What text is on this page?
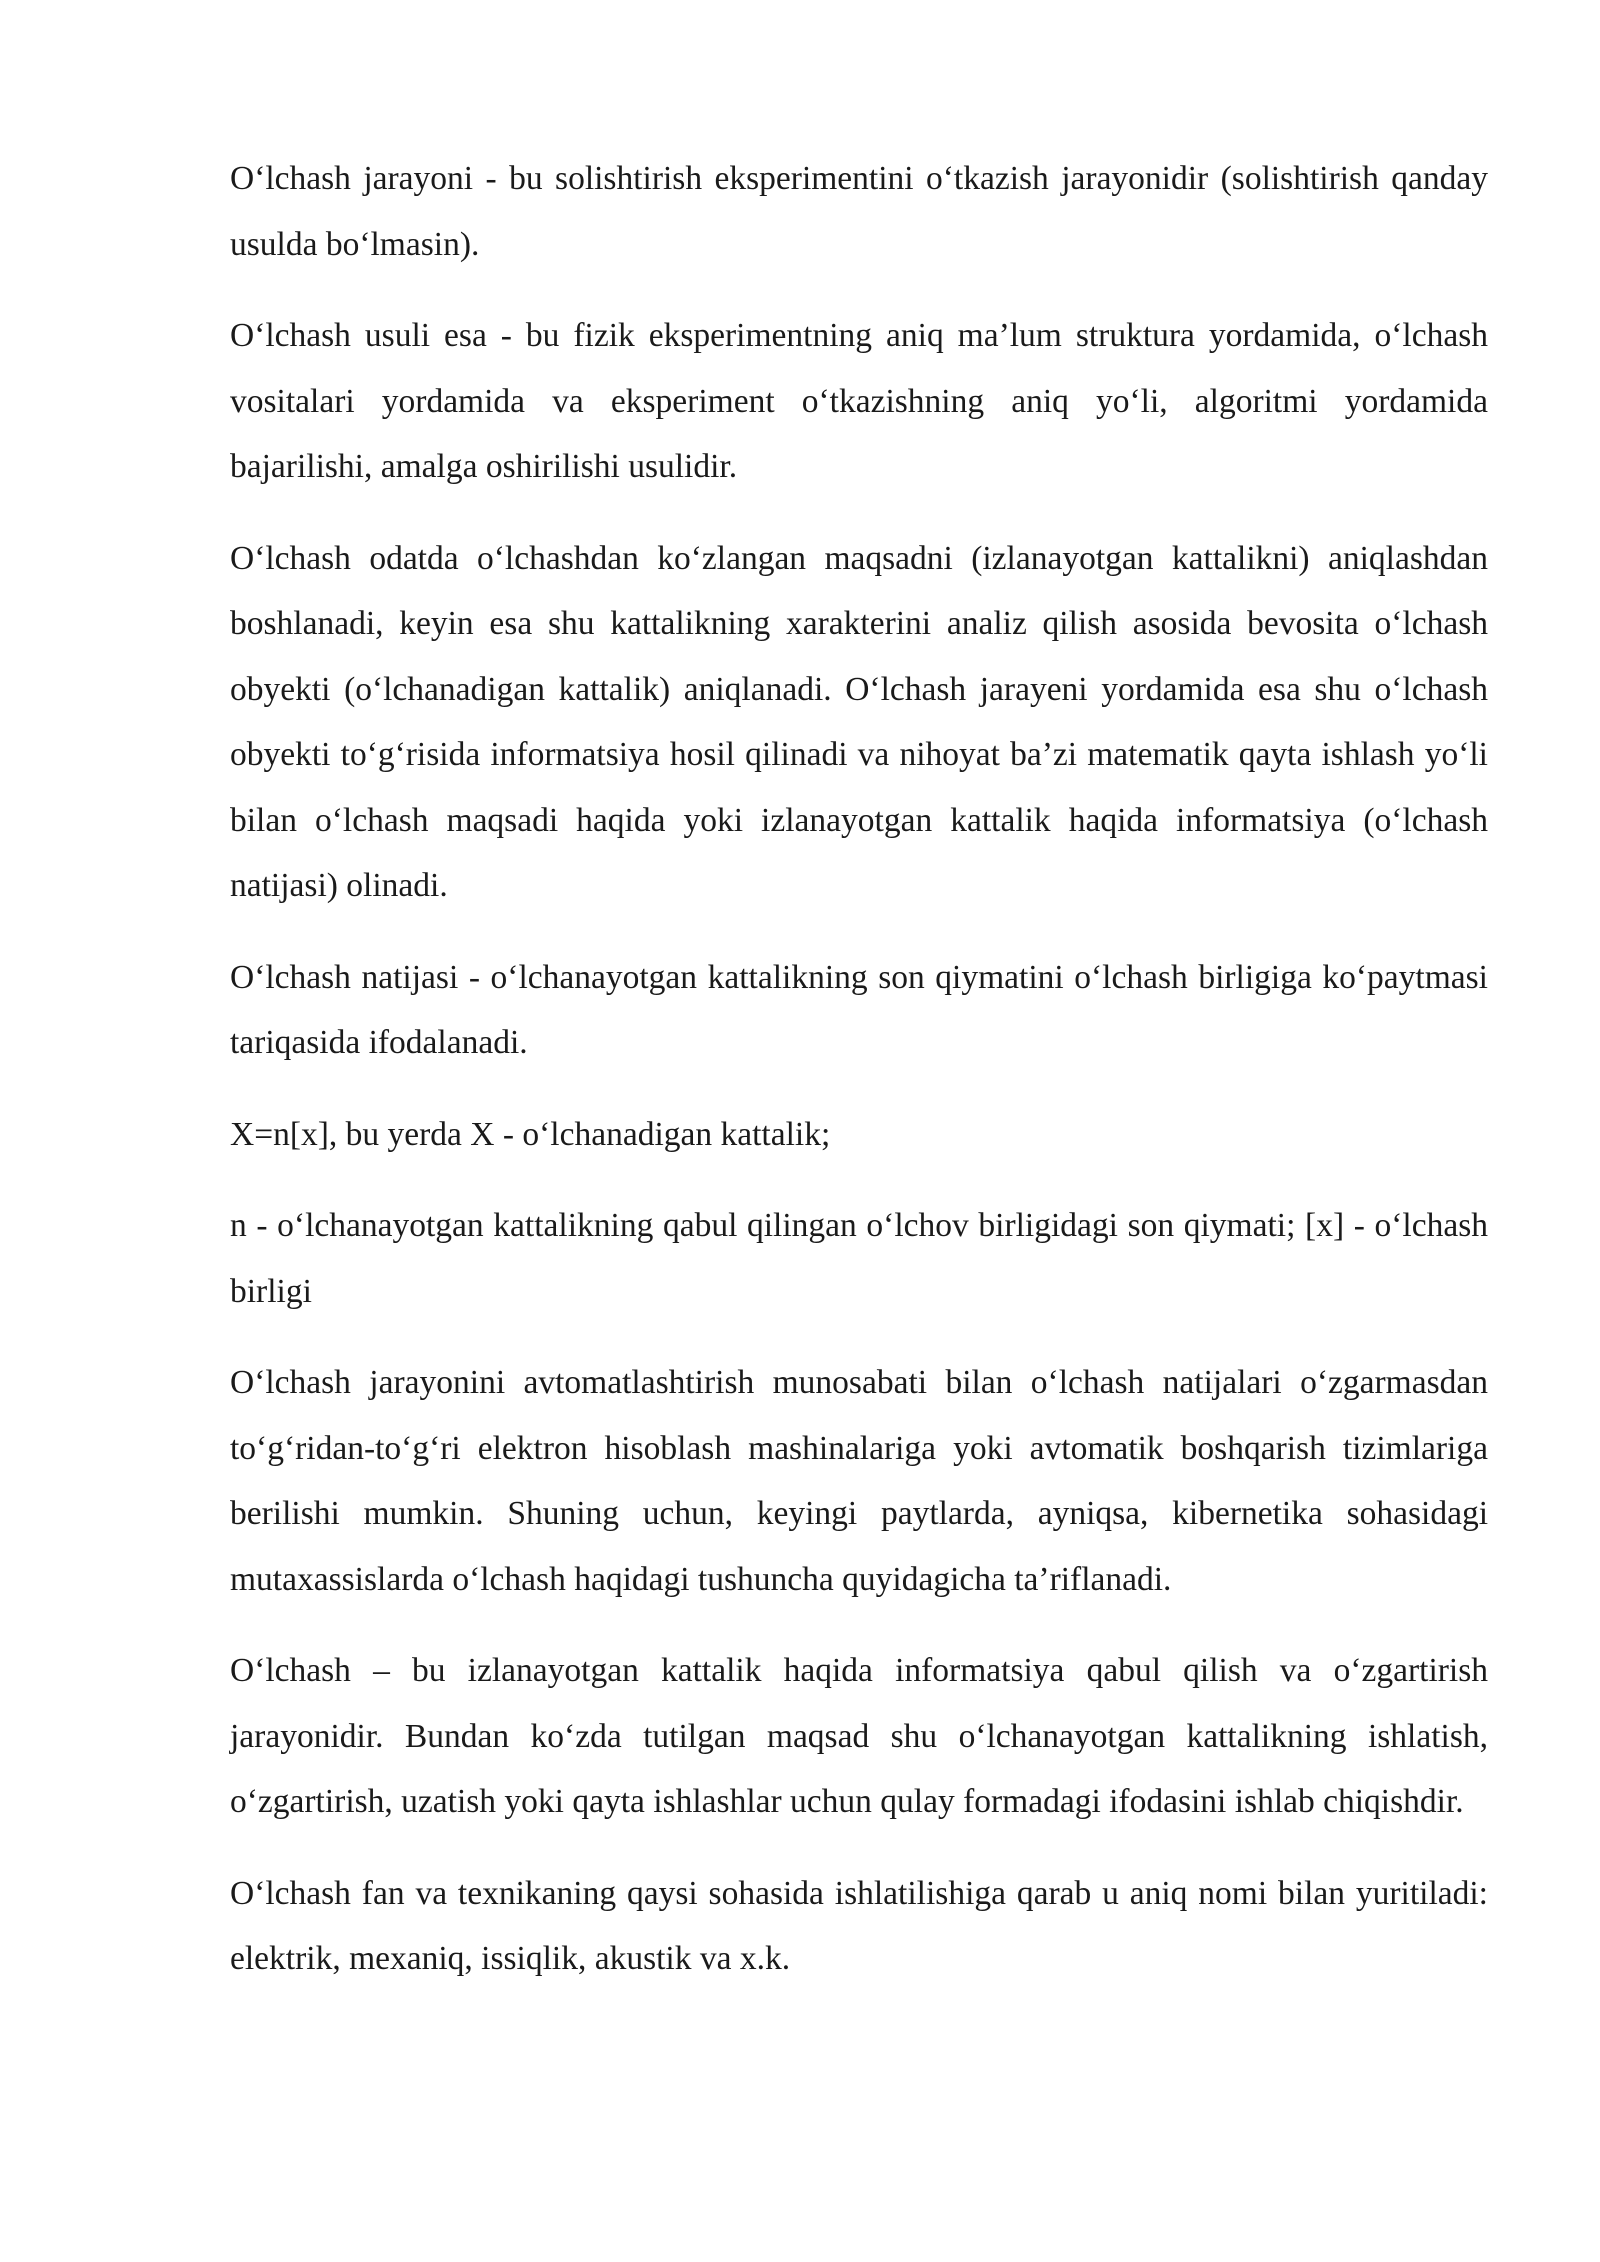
O‘lchash jarayoni - bu solishtirish eksperimentini o‘tkazish jarayonidir (solishtirish qanday usulda bo‘lmasin).

O‘lchash usuli esa - bu fizik eksperimentning aniq ma’lum struktura yordamida, o‘lchash vositalari yordamida va eksperiment o‘tkazishning aniq yo‘li, algoritmi yordamida bajarilishi, amalga oshirilishi usulidir.

O‘lchash odatda o‘lchashdan ko‘zlangan maqsadni (izlanayotgan kattalikni) aniqlashdan boshlanadi, keyin esa shu kattalikning xarakterini analiz qilish asosida bevosita o‘lchash obyekti (o‘lchanadigan kattalik) aniqlanadi. O‘lchash jarayeni yordamida esa shu o‘lchash obyekti to‘g‘risida informatsiya hosil qilinadi va nihoyat ba’zi matematik qayta ishlash yo‘li bilan o‘lchash maqsadi haqida yoki izlanayotgan kattalik haqida informatsiya (o‘lchash natijasi) olinadi.

O‘lchash natijasi - o‘lchanayotgan kattalikning son qiymatini o‘lchash birligiga ko‘paytmasi tariqasida ifodalanadi.

X=n[x], bu yerda X - o‘lchanadigan kattalik;

n - o‘lchanayotgan kattalikning qabul qilingan o‘lchov birligidagi son qiymati; [x] - o‘lchash birligi

O‘lchash jarayonini avtomatlashtirish munosabati bilan o‘lchash natijalari o‘zgarmasdan to‘g‘ridan-to‘g‘ri elektron hisoblash mashinalariga yoki avtomatik boshqarish tizimlariga berilishi mumkin. Shuning uchun, keyingi paytlarda, ayniqsa, kibernetika sohasidagi mutaxassislarda o‘lchash haqidagi tushuncha quyidagicha ta’riflanadi.

O‘lchash – bu izlanayotgan kattalik haqida informatsiya qabul qilish va o‘zgartirish jarayonidir. Bundan ko‘zda tutilgan maqsad shu o‘lchanayotgan kattalikning ishlatish, o‘zgartirish, uzatish yoki qayta ishlashlar uchun qulay formadagi ifodasini ishlab chiqishdir.

O‘lchash fan va texnikaning qaysi sohasida ishlatilishiga qarab u aniq nomi bilan yuritiladi: elektrik, mexaniq, issiqlik, akustik va x.k.
